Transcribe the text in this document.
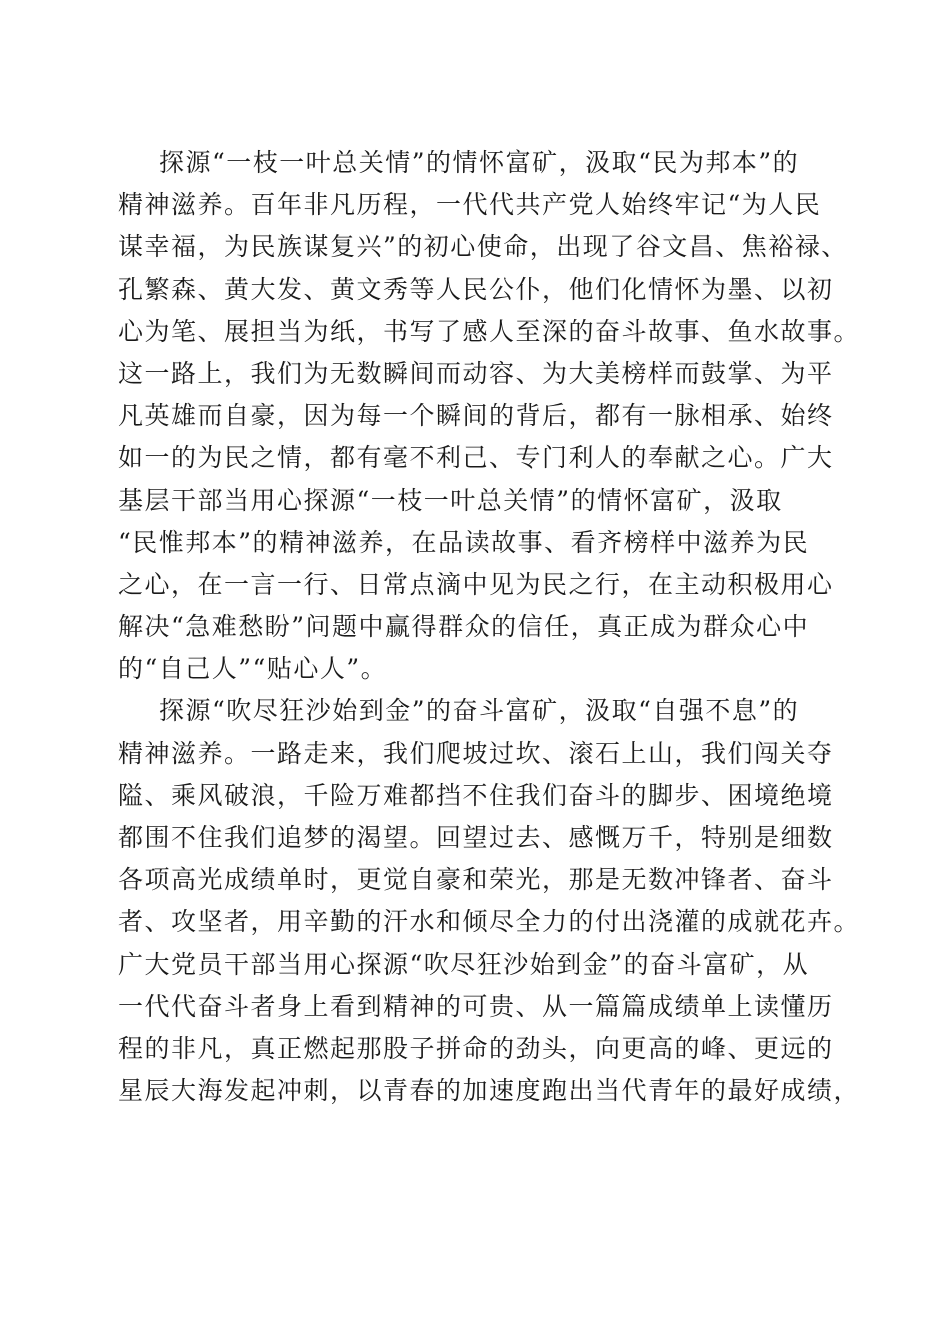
探源“一枝一叶总关情”的情怀富矿，汲取“民为邦本”的
精神滋养。百年非凡历程，一代代共产党人始终牢记“为人民
谋幸福，为民族谋复兴”的初心使命，出现了谷文昌、焦裕禄、
孔繁森、黄大发、黄文秀等人民公仆，他们化情怀为墨、以初
心为笔、展担当为纸，书写了感人至深的奋斗故事、鱼水故事。
这一路上，我们为无数瞬间而动容、为大美榜样而鼓掌、为平
凡英雄而自豪，因为每一个瞬间的背后，都有一脉相承、始终
如一的为民之情，都有毫不利己、专门利人的奉献之心。广大
基层干部当用心探源“一枝一叶总关情”的情怀富矿，汲取
“民惟邦本”的精神滋养，在品读故事、看齐榜样中滋养为民
之心，在一言一行、日常点滴中见为民之行，在主动积极用心
解决“急难愁盼”问题中赢得群众的信任，真正成为群众心中
的“自己人”“贴心人”。
探源“吹尽狂沙始到金”的奋斗富矿，汲取“自强不息”的
精神滋养。一路走来，我们爬坡过坎、滚石上山，我们闯关夺
隘、乘风破浪，千险万难都挡不住我们奋斗的脚步、困境绝境
都围不住我们追梦的渴望。回望过去、感慨万千，特别是细数
各项高光成绩单时，更觉自豪和荣光，那是无数冲锋者、奋斗
者、攻坚者，用辛勤的汗水和倾尽全力的付出浇灌的成就花卉。
广大党员干部当用心探源“吹尽狂沙始到金”的奋斗富矿，从
一代代奋斗者身上看到精神的可贵、从一篇篇成绩单上读懂历
程的非凡，真正燃起那股子拼命的劲头，向更高的峰、更远的
星辰大海发起冲刺，以青春的加速度跑出当代青年的最好成绩，
